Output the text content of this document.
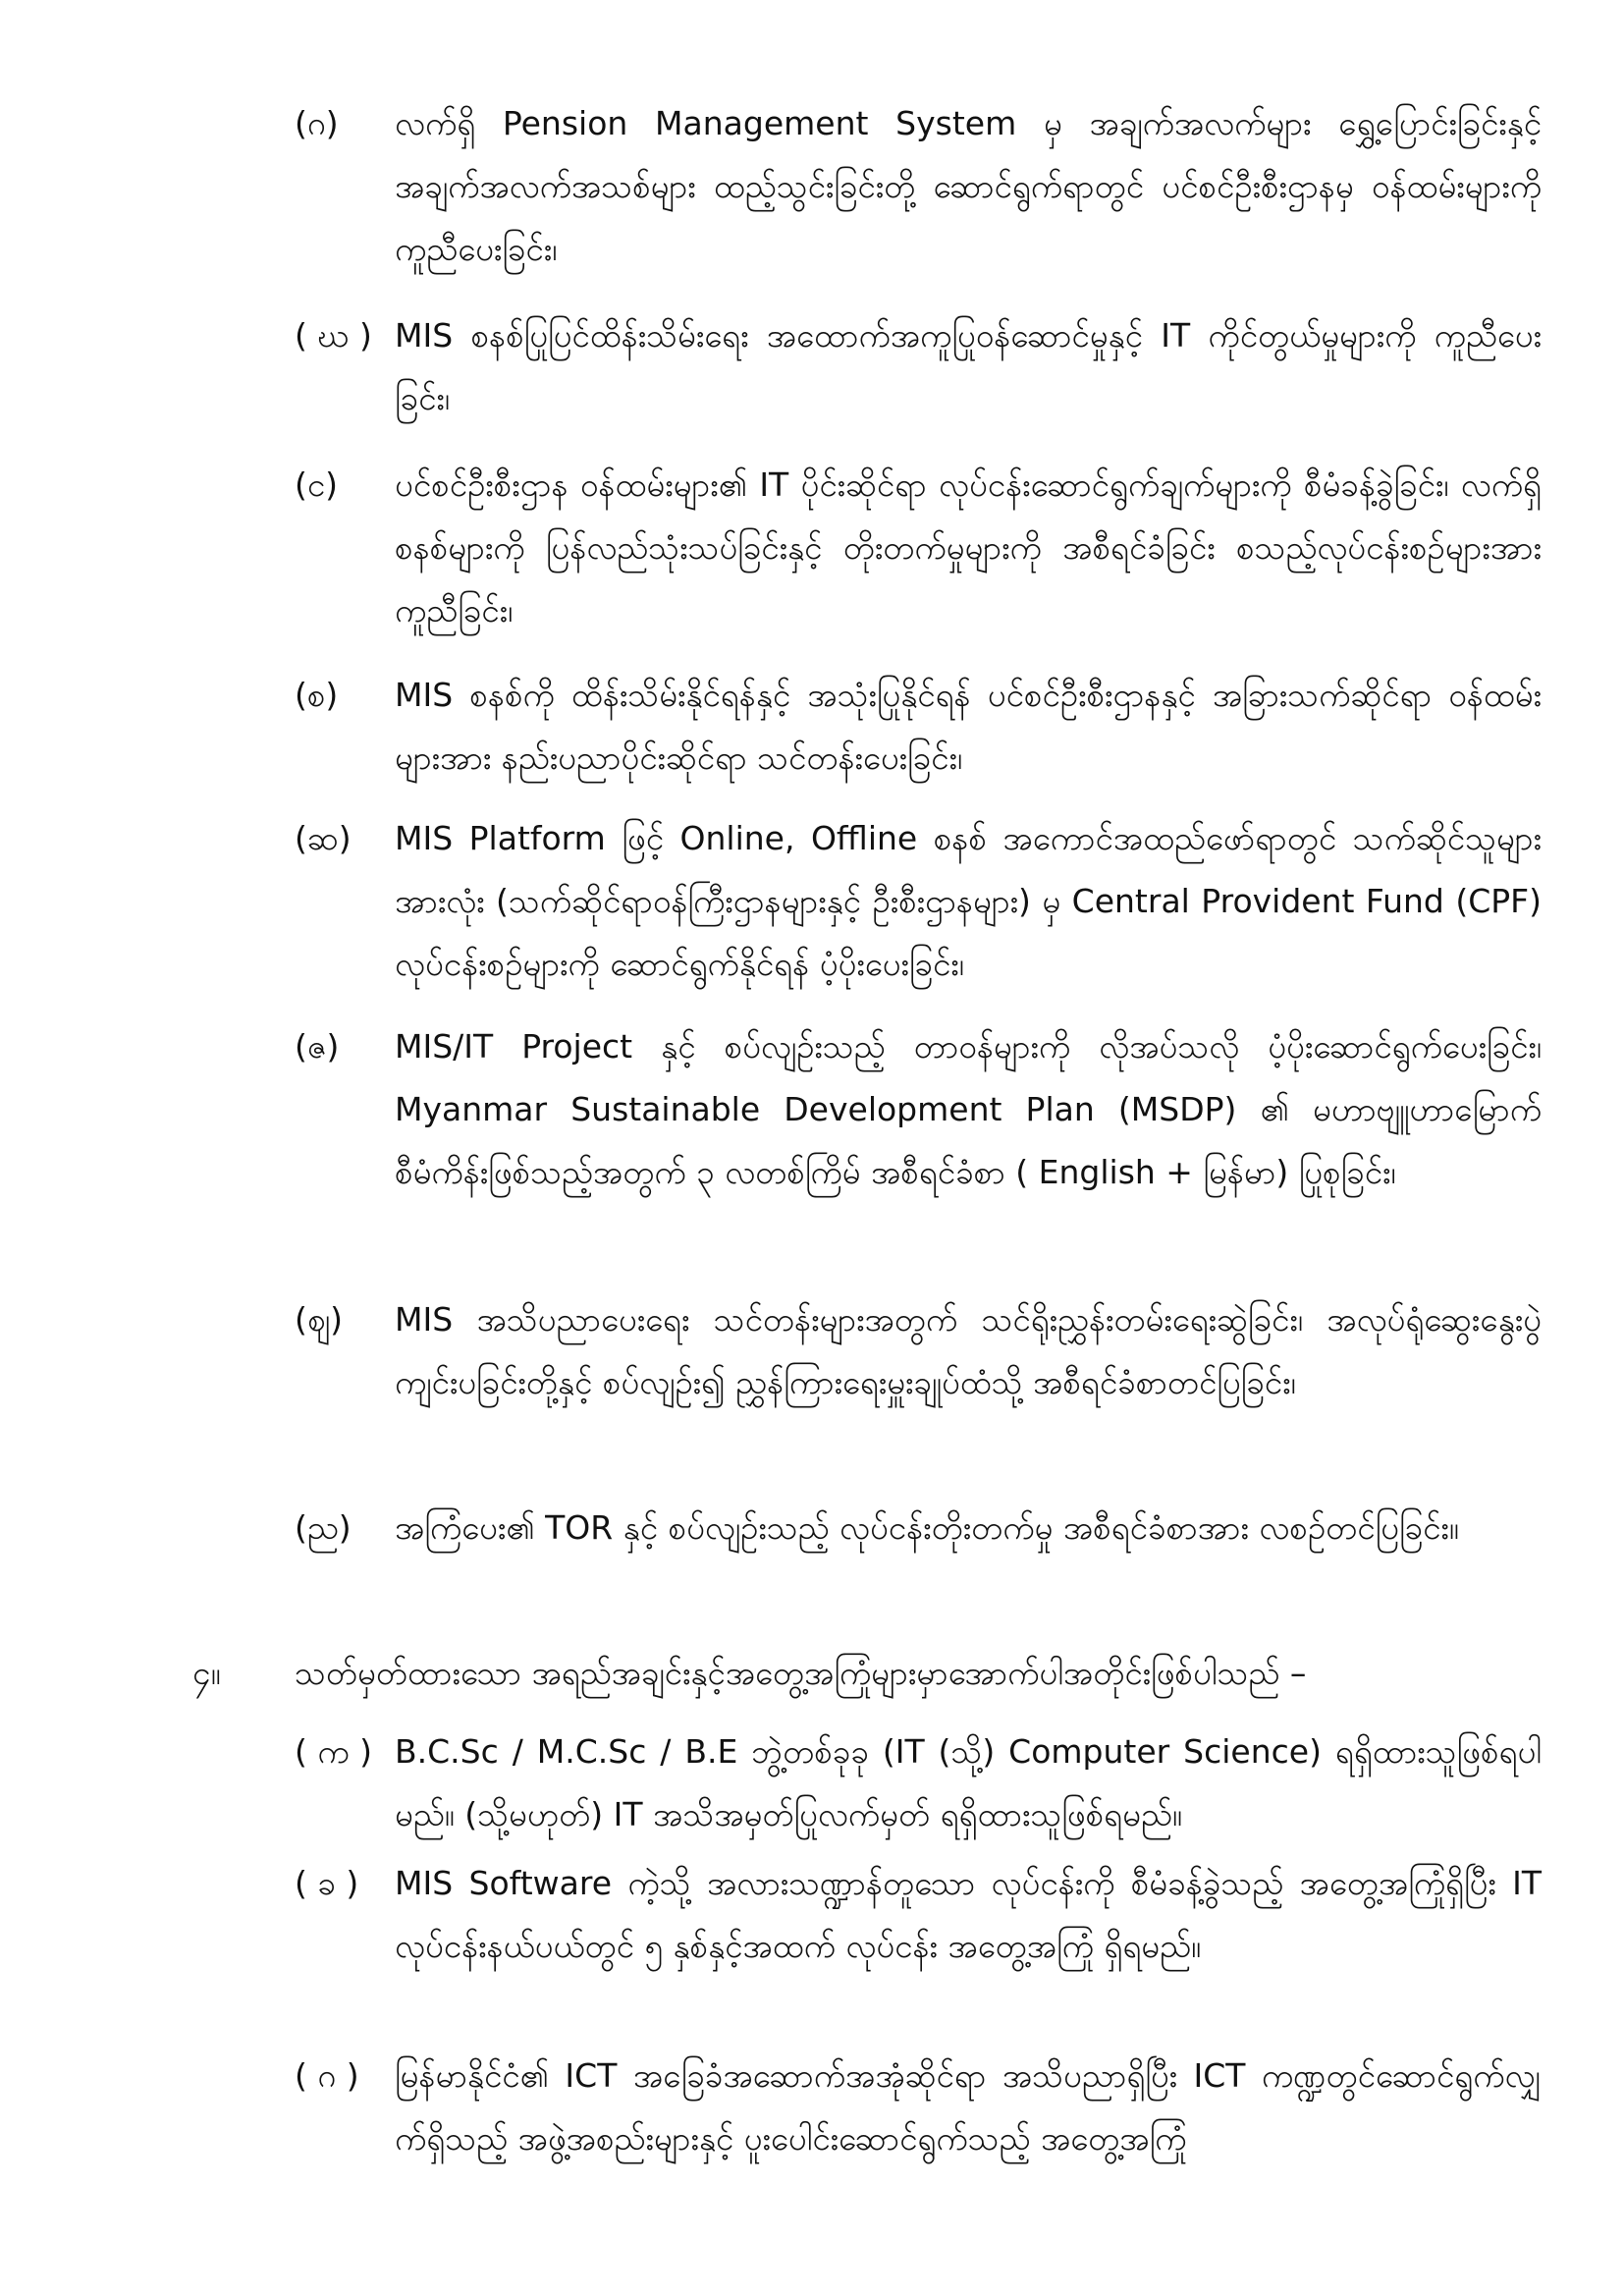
(ဂ)	လက်ရှိ Pension Management System မှ အချက်အလက်များ ရွှေ့ပြောင်းခြင်းနှင့် အချက်အလက်အသစ်များ ထည့်သွင်းခြင်းတို့ ဆောင်ရွက်ရာတွင် ပင်စင်ဦးစီးဌာနမှ ဝန်ထမ်းများကို ကူညီပေးခြင်း၊
( ဃ ) MIS စနစ်ပြုပြင်ထိန်းသိမ်းရေး အထောက်အကူပြုဝန်ဆောင်မှုနှင့် IT ကိုင်တွယ်မှုများကို ကူညီပေးခြင်း၊
(င)	ပင်စင်ဦးစီးဌာန ဝန်ထမ်းများ၏ IT ပိုင်းဆိုင်ရာ လုပ်ငန်းဆောင်ရွက်ချက်များကို စီမံခန့်ခွဲခြင်း၊ လက်ရှိစနစ်များကို ပြန်လည်သုံးသပ်ခြင်းနှင့် တိုးတက်မှုများကို အစီရင်ခံခြင်း စသည့်လုပ်ငန်းစဉ်များအား ကူညီခြင်း၊
(စ)	MIS စနစ်ကို ထိန်းသိမ်းနိုင်ရန်နှင့် အသုံးပြုနိုင်ရန် ပင်စင်ဦးစီးဌာနနှင့် အခြားသက်ဆိုင်ရာ ဝန်ထမ်းများအား နည်းပညာပိုင်းဆိုင်ရာ သင်တန်းပေးခြင်း၊
(ဆ)	MIS Platform ဖြင့် Online, Offline စနစ် အကောင်အထည်ဖော်ရာတွင် သက်ဆိုင်သူများအားလုံး (သက်ဆိုင်ရာဝန်ကြီးဌာနများနှင့် ဦးစီးဌာနများ) မှ Central Provident Fund (CPF) လုပ်ငန်းစဉ်များကို ဆောင်ရွက်နိုင်ရန် ပံ့ပိုးပေးခြင်း၊
(ဇ)	MIS/IT Project နှင့် စပ်လျဉ်းသည့် တာဝန်များကို လိုအပ်သလို ပံ့ပိုးဆောင်ရွက်ပေးခြင်း၊ Myanmar Sustainable Development Plan (MSDP) ၏ မဟာဗျူဟာမြောက် စီမံကိန်းဖြစ်သည့်အတွက် ၃ လတစ်ကြိမ် အစီရင်ခံစာ ( English + မြန်မာ) ပြုစုခြင်း၊
(ဈ)	MIS အသိပညာပေးရေး သင်တန်းများအတွက် သင်ရိုးညွှန်းတမ်းရေးဆွဲခြင်း၊ အလုပ်ရုံဆွေးနွေးပွဲကျင်းပခြင်းတို့နှင့် စပ်လျဉ်း၍ ညွှန်ကြားရေးမှူးချုပ်ထံသို့ အစီရင်ခံစာတင်ပြခြင်း၊
(ည)	အကြံပေး၏ TOR နှင့် စပ်လျဉ်းသည့် လုပ်ငန်းတိုးတက်မှု အစီရင်ခံစာအား လစဉ်တင်ပြခြင်း။
၄။	သတ်မှတ်ထားသော အရည်အချင်းနှင့်အတွေ့အကြုံများမှာအောက်ပါအတိုင်းဖြစ်ပါသည် –
( က ) B.C.Sc / M.C.Sc / B.E ဘွဲ့တစ်ခုခု (IT (သို့) Computer Science) ရရှိထားသူဖြစ်ရပါမည်။ (သို့မဟုတ်) IT အသိအမှတ်ပြုလက်မှတ် ရရှိထားသူဖြစ်ရမည်။
( ခ )	MIS Software ကဲ့သို့ အလားသဏ္ဍာန်တူသော လုပ်ငန်းကို စီမံခန့်ခွဲသည့် အတွေ့အကြုံရှိပြီး IT လုပ်ငန်းနယ်ပယ်တွင် ၅ နှစ်နှင့်အထက် လုပ်ငန်း အတွေ့အကြုံ ရှိရမည်။
( ဂ )	မြန်မာနိုင်ငံ၏ ICT အခြေခံအဆောက်အအုံဆိုင်ရာ အသိပညာရှိပြီး ICT ကဏ္ဍတွင်ဆောင်ရွက်လျှက်ရှိသည့် အဖွဲ့အစည်းများနှင့် ပူးပေါင်းဆောင်ရွက်သည့် အတွေ့အကြုံ
